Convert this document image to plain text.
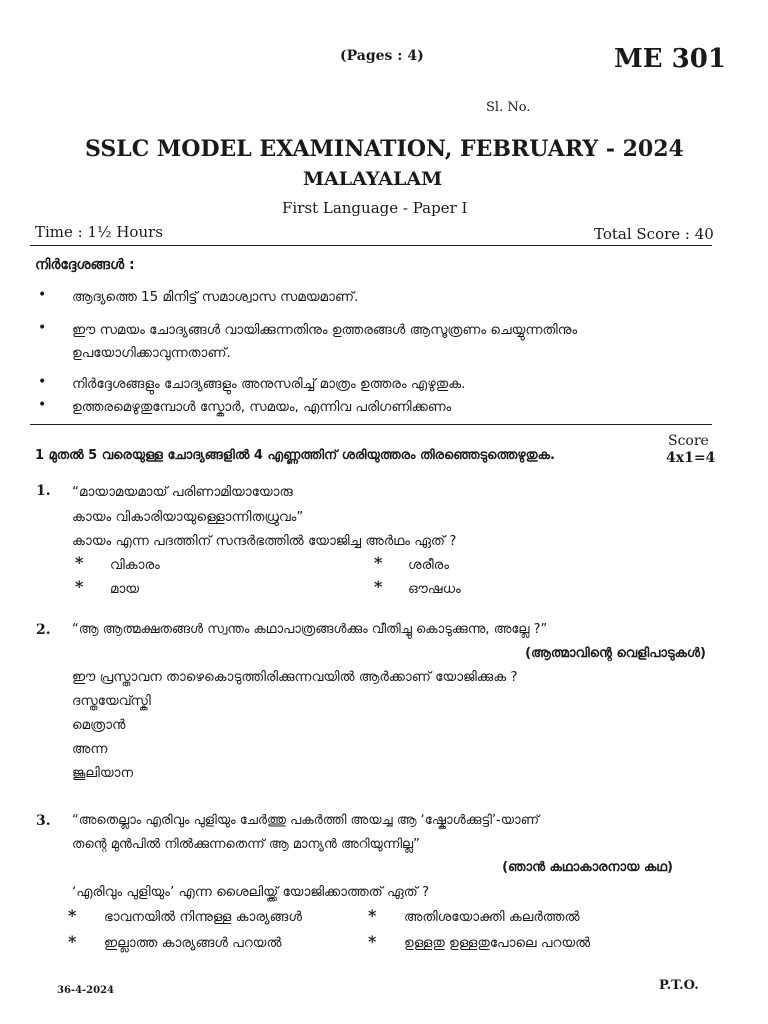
(Pages : 4)	ME 301
Sl. No.
SSLC MODEL EXAMINATION, FEBRUARY - 2024
MALAYALAM
First Language - Paper I
Time : 1½ Hours	Total Score : 40
നിർദ്ദേശങ്ങൾ :
• ആദ്യത്തെ 15 മിനിട്ട് സമാശ്വാസ സമയമാണ്.
• ഈ സമയം ചോദ്യങ്ങൾ വായിക്കുന്നതിനും ഉത്തരങ്ങൾ ആസൂത്രണം ചെയ്യുന്നതിനും
ഉപയോഗിക്കാവുന്നതാണ്.
• നിർദ്ദേശങ്ങളും ചോദ്യങ്ങളും അനുസരിച്ച് മാത്രം ഉത്തരം എഴുതുക.
• ഉത്തരമെഴുതുമ്പോൾ സ്കോർ, സമയം, എന്നിവ പരിഗണിക്കണം
Score
4x1=4
1 മുതൽ 5 വരെയുള്ള ചോദ്യങ്ങളിൽ 4 എണ്ണത്തിന് ശരിയുത്തരം തിരഞ്ഞെടുത്തെഴുതുക.
1. “മായാമയമായ് പരിണാമിയായോരു
കായം വികാരിയായുള്ളൊന്നിതധ്രുവം”
കായം എന്ന പദത്തിന് സന്ദർഭത്തിൽ യോജിച്ച അർഥം ഏത് ?
* വികാരം	* ശരീരം
* മായ	* ഔഷധം
2. “ആ ആത്മക്ഷതങ്ങൾ സ്വന്തം കഥാപാത്രങ്ങൾക്കും വീതിച്ചു കൊടുക്കുന്നു, അല്ലേ ?”
(ആത്മാവിന്റെ വെളിപാടുകൾ)
ഈ പ്രസ്താവന താഴെകൊടുത്തിരിക്കുന്നവയിൽ ആർക്കാണ് യോജിക്കുക ?
ദസ്തയേവ്സ്കി
മെത്രാൻ
അന്ന
ജൂലിയാന
3. “അതെല്ലാം എരിവും പുളിയും ചേർത്തു പകർത്തി അയച്ച ആ ‘ഷ്കോൾക്കുട്ടി’-യാണ്
തന്റെ മുൻപിൽ നിൽക്കുന്നതെന്ന് ആ മാന്യൻ അറിയുന്നില്ല”
(ഞാൻ കഥാകാരനായ കഥ)
‘എരിവും പുളിയും’ എന്ന ശൈലിയ്ക്ക് യോജിക്കാത്തത് ഏത് ?
* ഭാവനയിൽ നിന്നുള്ള കാര്യങ്ങൾ	* അതിശയോക്തി കലർത്തൽ
* ഇല്ലാത്ത കാര്യങ്ങൾ പറയൽ	* ഉള്ളതു ഉള്ളതുപോലെ പറയൽ
36-4-2024	P.T.O.
